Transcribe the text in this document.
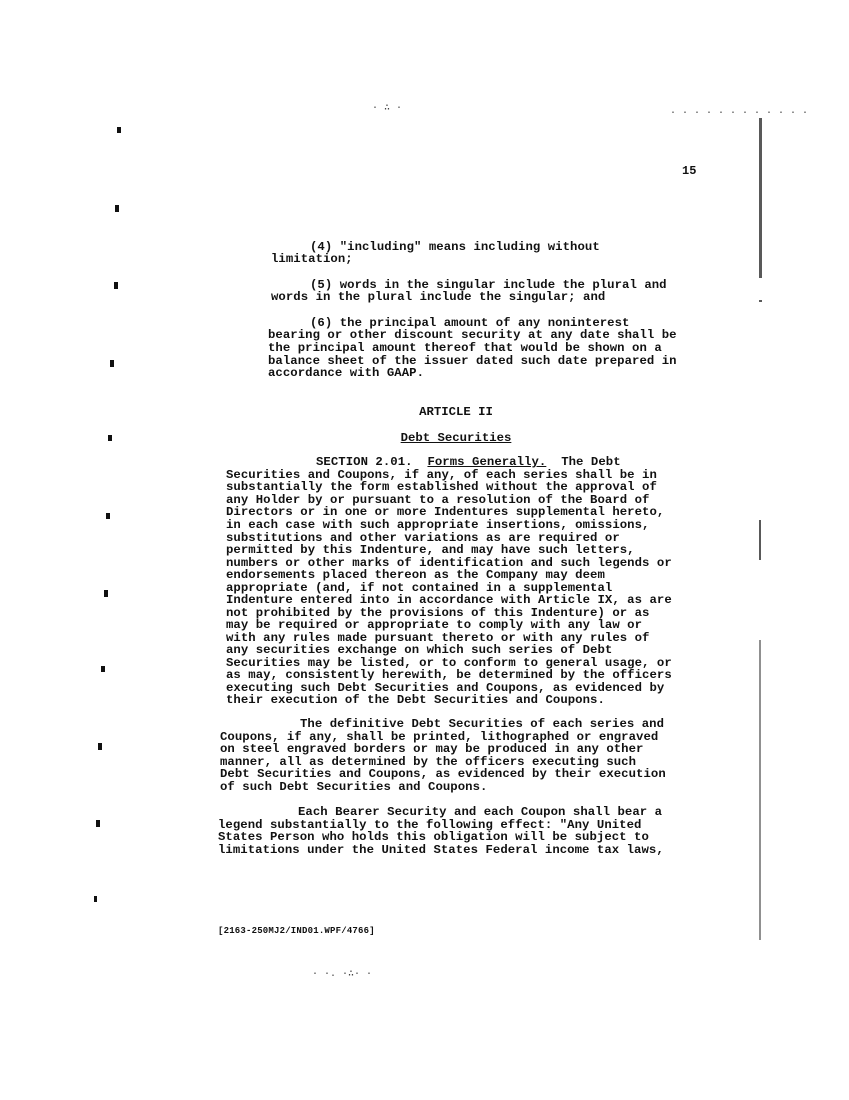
. . . . . . . . . . . .
· ∴ ·
· ·. ·∴· ·
15
(4) "including" means including without
limitation;
(5) words in the singular include the plural and
words in the plural include the singular; and
(6) the principal amount of any noninterest
bearing or other discount security at any date shall be
the principal amount thereof that would be shown on a
balance sheet of the issuer dated such date prepared in
accordance with GAAP.
ARTICLE II
Debt Securities
SECTION 2.01. Forms Generally. The Debt
Securities and Coupons, if any, of each series shall be in
substantially the form established without the approval of
any Holder by or pursuant to a resolution of the Board of
Directors or in one or more Indentures supplemental hereto,
in each case with such appropriate insertions, omissions,
substitutions and other variations as are required or
permitted by this Indenture, and may have such letters,
numbers or other marks of identification and such legends or
endorsements placed thereon as the Company may deem
appropriate (and, if not contained in a supplemental
Indenture entered into in accordance with Article IX, as are
not prohibited by the provisions of this Indenture) or as
may be required or appropriate to comply with any law or
with any rules made pursuant thereto or with any rules of
any securities exchange on which such series of Debt
Securities may be listed, or to conform to general usage, or
as may, consistently herewith, be determined by the officers
executing such Debt Securities and Coupons, as evidenced by
their execution of the Debt Securities and Coupons.
The definitive Debt Securities of each series and
Coupons, if any, shall be printed, lithographed or engraved
on steel engraved borders or may be produced in any other
manner, all as determined by the officers executing such
Debt Securities and Coupons, as evidenced by their execution
of such Debt Securities and Coupons.
Each Bearer Security and each Coupon shall bear a
legend substantially to the following effect: "Any United
States Person who holds this obligation will be subject to
limitations under the United States Federal income tax laws,
[2163-250MJ2/IND01.WPF/4766]
